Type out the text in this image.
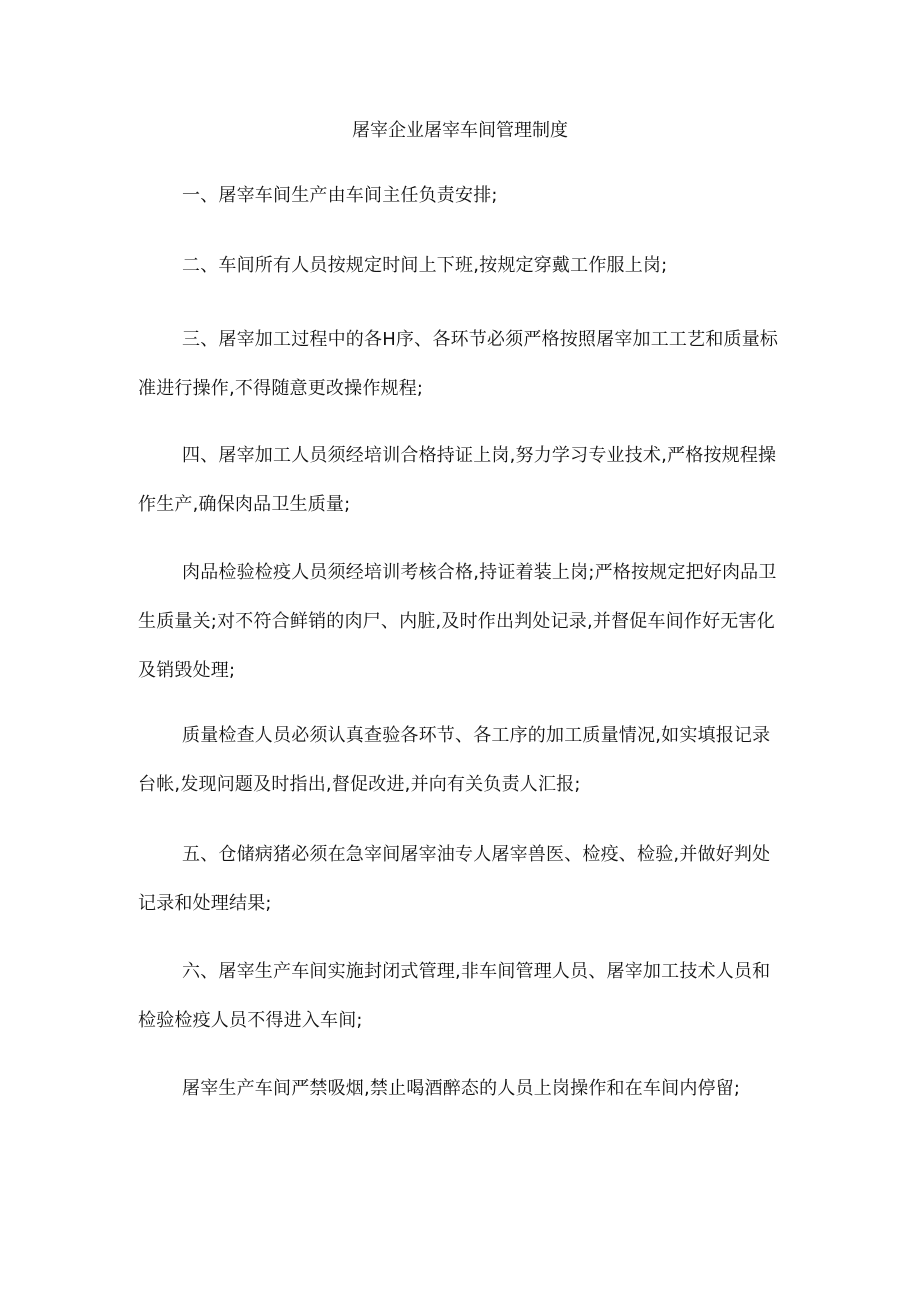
屠宰企业屠宰车间管理制度

一、屠宰车间生产由车间主任负责安排;

二、车间所有人员按规定时间上下班,按规定穿戴工作服上岗;

三、屠宰加工过程中的各H序、各环节必须严格按照屠宰加工工艺和质量标准进行操作,不得随意更改操作规程;

四、屠宰加工人员须经培训合格持证上岗,努力学习专业技术,严格按规程操作生产,确保肉品卫生质量;

肉品检验检疫人员须经培训考核合格,持证着装上岗;严格按规定把好肉品卫生质量关;对不符合鲜销的肉尸、内脏,及时作出判处记录,并督促车间作好无害化及销毁处理;

质量检查人员必须认真查验各环节、各工序的加工质量情况,如实填报记录台帐,发现问题及时指出,督促改进,并向有关负责人汇报;

五、仓储病猪必须在急宰间屠宰油专人屠宰兽医、检疫、检验,并做好判处记录和处理结果;

六、屠宰生产车间实施封闭式管理,非车间管理人员、屠宰加工技术人员和检验检疫人员不得进入车间;

屠宰生产车间严禁吸烟,禁止喝酒醉态的人员上岗操作和在车间内停留;
